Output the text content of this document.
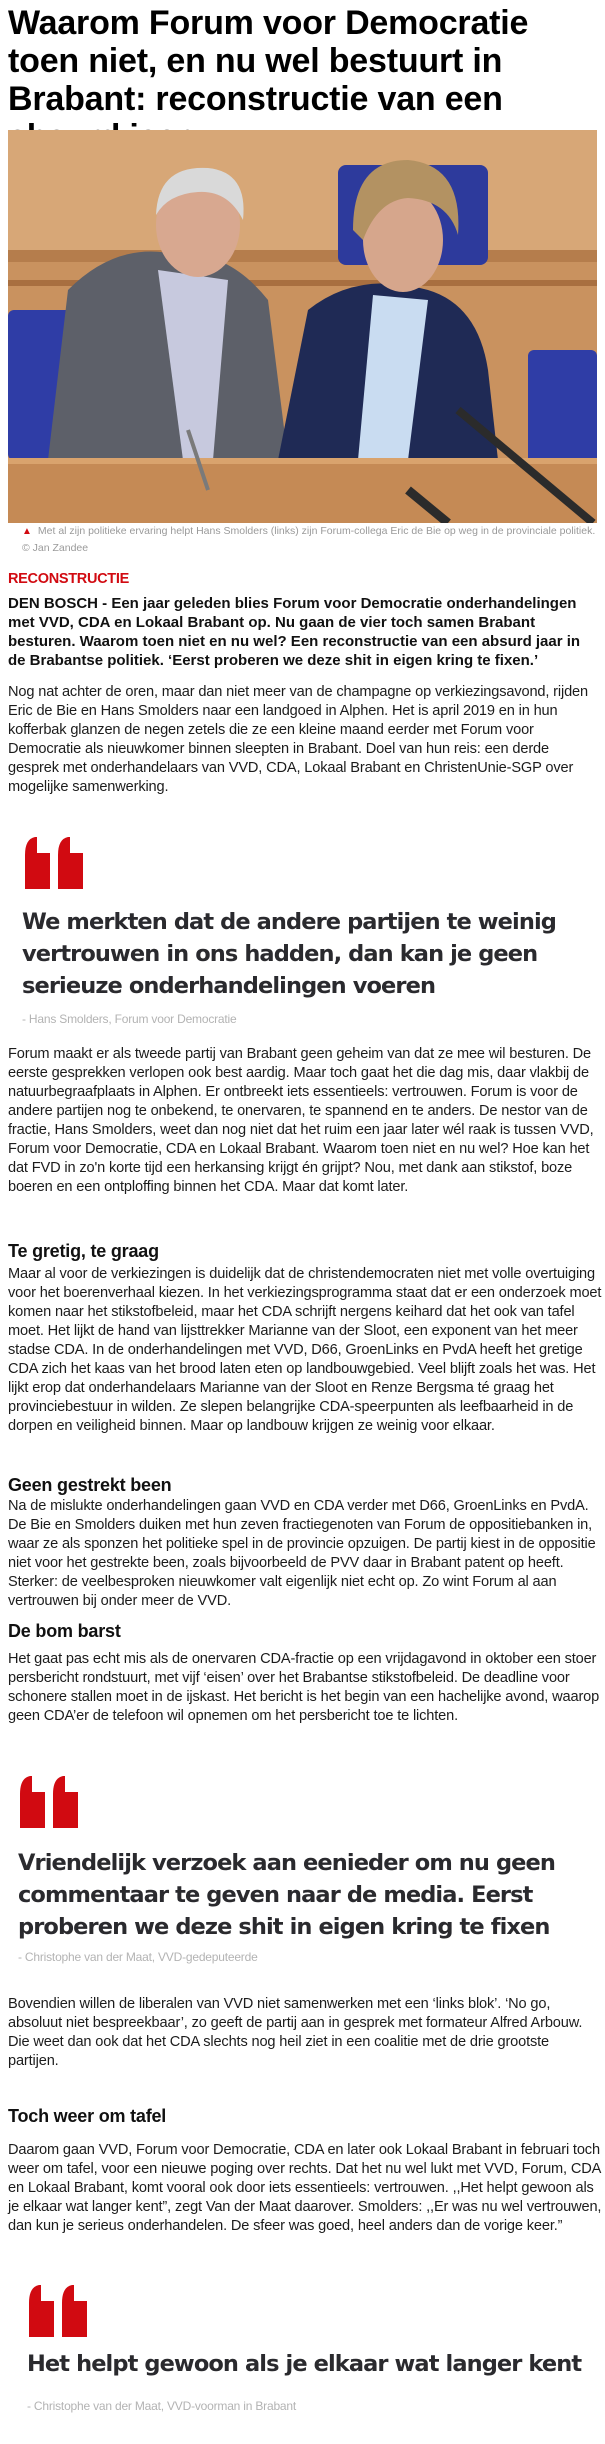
Waarom Forum voor Democratie toen niet, en nu wel bestuurt in Brabant: reconstructie van een
▲ Met al zijn politieke ervaring helpt Hans Smolders (links) zijn Forum-collega Eric de Bie op weg in de provinciale politiek.
© Jan Zandee
RECONSTRUCTIE

DEN BOSCH - Een jaar geleden blies Forum voor Democratie onderhandelingen met VVD, CDA en Lokaal Brabant op. Nu gaan de vier toch samen Brabant besturen. Waarom toen niet en nu wel? Een reconstructie van een absurd jaar in de Brabantse politiek. ‘Eerst proberen we deze shit in eigen kring te fixen.’

Nog nat achter de oren, maar dan niet meer van de champagne op verkiezingsavond, rijden Eric de Bie en Hans Smolders naar een landgoed in Alphen. Het is april 2019 en in hun kofferbak glanzen de negen zetels die ze een kleine maand eerder met Forum voor Democratie als nieuwkomer binnen sleepten in Brabant. Doel van hun reis: een derde gesprek met onderhandelaars van VVD, CDA, Lokaal Brabant en ChristenUnie-SGP over mogelijke samenwerking.

We merkten dat de andere partijen te weinig vertrouwen in ons hadden, dan kan je geen serieuze onderhandelingen voeren

- Hans Smolders, Forum voor Democratie

Forum maakt er als tweede partij van Brabant geen geheim van dat ze mee wil besturen. De eerste gesprekken verlopen ook best aardig. Maar toch gaat het die dag mis, daar vlakbij de natuurbegraafplaats in Alphen. Er ontbreekt iets essentieels: vertrouwen. Forum is voor de andere partijen nog te onbekend, te onervaren, te spannend en te anders. De nestor van de fractie, Hans Smolders, weet dan nog niet dat het ruim een jaar later wél raak is tussen VVD, Forum voor Democratie, CDA en Lokaal Brabant. Waarom toen niet en nu wel? Hoe kan het dat FVD in zo'n korte tijd een herkansing krijgt én grijpt? Nou, met dank aan stikstof, boze boeren en een ontploffing binnen het CDA. Maar dat komt later.

Te gretig, te graag

Maar al voor de verkiezingen is duidelijk dat de christendemocraten niet met volle overtuiging voor het boerenverhaal kiezen. In het verkiezingsprogramma staat dat er een onderzoek moet komen naar het stikstofbeleid, maar het CDA schrijft nergens keihard dat het ook van tafel moet. Het lijkt de hand van lijsttrekker Marianne van der Sloot, een exponent van het meer stadse CDA. In de onderhandelingen met VVD, D66, GroenLinks en PvdA heeft het gretige CDA zich het kaas van het brood laten eten op landbouwgebied. Veel blijft zoals het was. Het lijkt erop dat onderhandelaars Marianne van der Sloot en Renze Bergsma té graag het provinciebestuur in wilden. Ze slepen belangrijke CDA-speerpunten als leefbaarheid in de dorpen en veiligheid binnen. Maar op landbouw krijgen ze weinig voor elkaar.

Geen gestrekt been

Na de mislukte onderhandelingen gaan VVD en CDA verder met D66, GroenLinks en PvdA. De Bie en Smolders duiken met hun zeven fractiegenoten van Forum de oppositiebanken in, waar ze als sponzen het politieke spel in de provincie opzuigen. De partij kiest in de oppositie niet voor het gestrekte been, zoals bijvoorbeeld de PVV daar in Brabant patent op heeft. Sterker: de veelbesproken nieuwkomer valt eigenlijk niet echt op. Zo wint Forum al aan vertrouwen bij onder meer de VVD.

De bom barst

Het gaat pas echt mis als de onervaren CDA-fractie op een vrijdagavond in oktober een stoer persbericht rondstuurt, met vijf ‘eisen’ over het Brabantse stikstofbeleid. De deadline voor schonere stallen moet in de ijskast. Het bericht is het begin van een hachelijke avond, waarop geen CDA’er de telefoon wil opnemen om het persbericht toe te lichten.

Vriendelijk verzoek aan eenieder om nu geen commentaar te geven naar de media. Eerst proberen we deze shit in eigen kring te fixen

- Christophe van der Maat, VVD-gedeputeerde

Bovendien willen de liberalen van VVD niet samenwerken met een ‘links blok’. ‘No go, absoluut niet bespreekbaar’, zo geeft de partij aan in gesprek met formateur Alfred Arbouw. Die weet dan ook dat het CDA slechts nog heil ziet in een coalitie met de drie grootste partijen.

Toch weer om tafel

Daarom gaan VVD, Forum voor Democratie, CDA en later ook Lokaal Brabant in februari toch weer om tafel, voor een nieuwe poging over rechts. Dat het nu wel lukt met VVD, Forum, CDA en Lokaal Brabant, komt vooral ook door iets essentieels: vertrouwen. ,,Het helpt gewoon als je elkaar wat langer kent”, zegt Van der Maat daarover. Smolders: ,,Er was nu wel vertrouwen, dan kun je serieus onderhandelen. De sfeer was goed, heel anders dan de vorige keer.”

Het helpt gewoon als je elkaar wat langer kent

- Christophe van der Maat, VVD-voorman in Brabant
